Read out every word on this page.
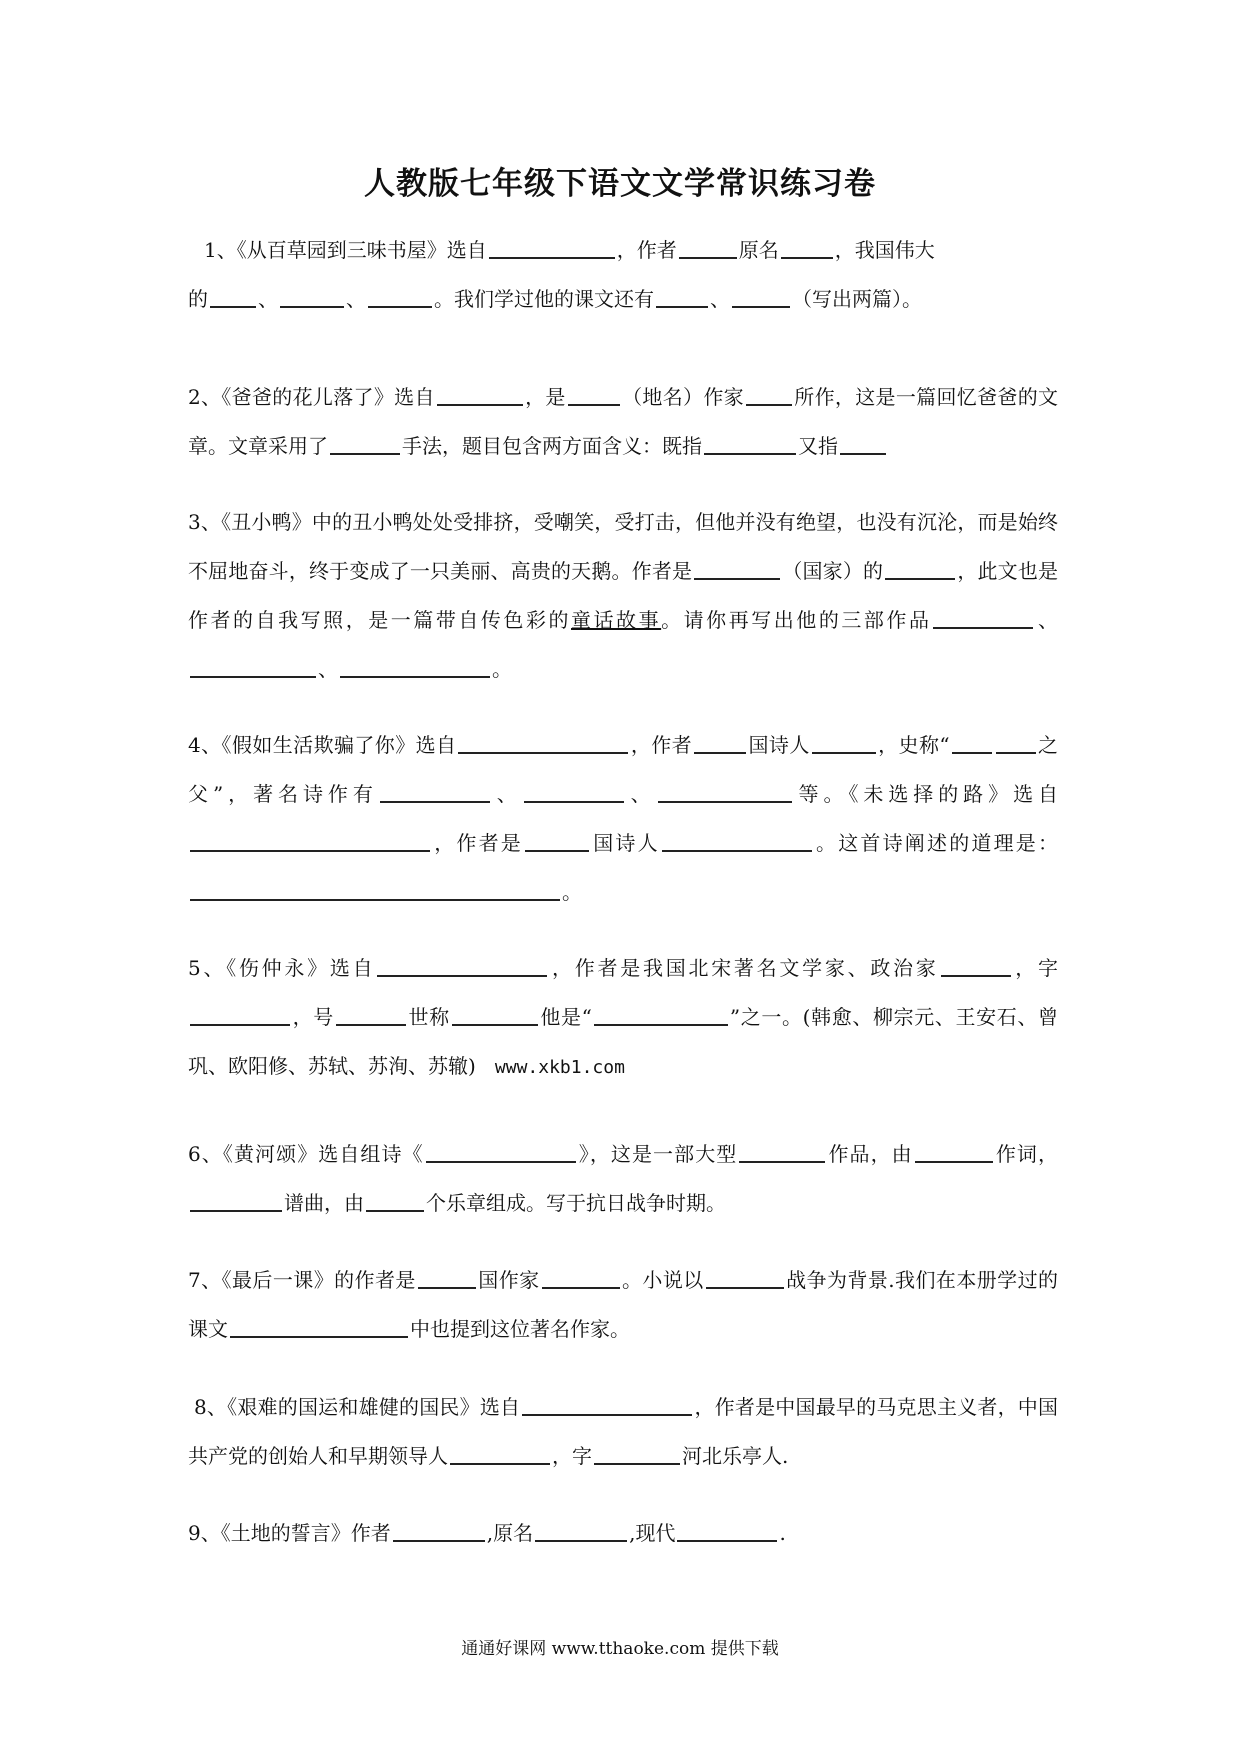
人教版七年级下语文文学常识练习卷
1、《从百草园到三味书屋》选自	，作者	原名	，我国伟大
的	、	、	。我们学过他的课文还有	、	（写出两篇）。
2、《爸爸的花儿落了》选自	，是	（地名）作家	所作，这是一篇回忆爸爸的文章。文章采用了	手法，题目包含两方面含义：既指	又指
3、《丑小鸭》中的丑小鸭处处受排挤，受嘲笑，受打击，但他并没有绝望，也没有沉沦，而是始终不屈地奋斗，终于变成了一只美丽、高贵的天鹅。作者是	（国家）的	，此文也是作者的自我写照，是一篇带自传色彩的童话故事。请你再写出他的三部作品	、、	。
4、《假如生活欺骗了你》选自	，作者	国诗人	，史称“	之父”，著名诗作有	、	、	等。《未选择的路》选自，作者是	国诗人	。这首诗阐述的道理是：。
5、《伤仲永》选自	，作者是我国北宋著名文学家、政治家	，字，号	世称	他是“	”之一。(韩愈、柳宗元、王安石、曾巩、欧阳修、苏轼、苏洵、苏辙) www.xkb1.com
6、《黄河颂》选自组诗《	》，这是一部大型	作品，由	作词，谱曲，由	个乐章组成。写于抗日战争时期。
7、《最后一课》的作者是	国作家	。小说以	战争为背景.我们在本册学过的课文	中也提到这位著名作家。
8、《艰难的国运和雄健的国民》选自	，作者是中国最早的马克思主义者，中国共产党的创始人和早期领导人	，字	河北乐亭人.
9、《土地的誓言》作者	,原名	,现代	.
通通好课网 www.tthaoke.com 提供下载
